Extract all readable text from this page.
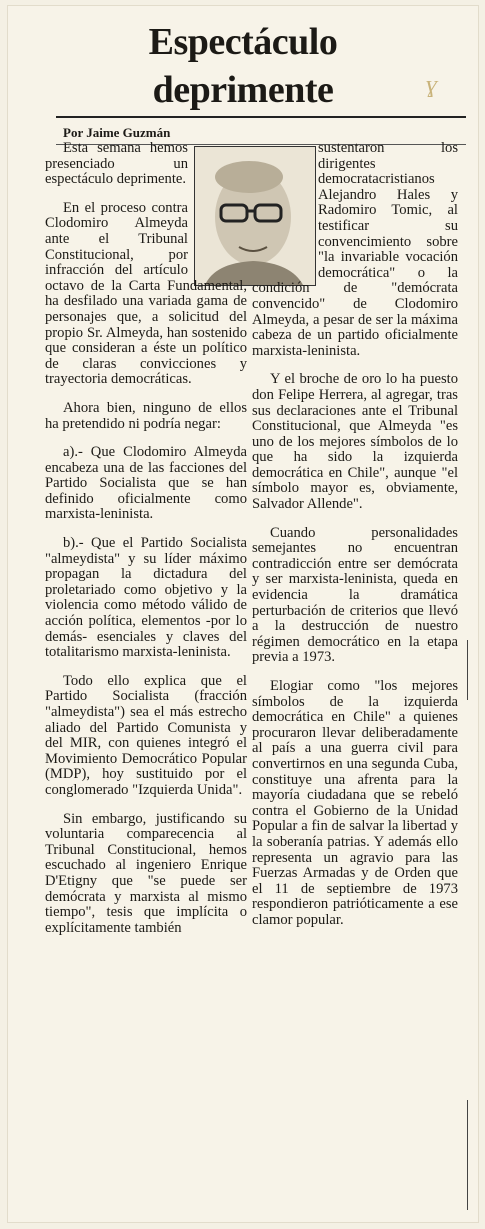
Espectáculo
deprimente	ɣ
Por Jaime Guzmán

Esta semana hemos presenciado un espectáculo deprimente.

En el proceso contra Clodomiro Almeyda ante el Tribunal Constitucional, por infracción del artículo octavo de la Carta Fundamental, ha desfilado una variada gama de personajes que, a solicitud del propio Sr. Almeyda, han sostenido que consideran a éste un político de claras convicciones y trayectoria democráticas.

Ahora bien, ninguno de ellos ha pretendido ni podría negar:

a).- Que Clodomiro Almeyda encabeza una de las facciones del Partido Socialista que se han definido oficialmente como marxista-leninista.

b).- Que el Partido Socialista "almeydista" y su líder máximo propagan la dictadura del proletariado como objetivo y la violencia como método válido de acción política, elementos -por lo demás- esenciales y claves del totalitarismo marxista-leninista.

Todo ello explica que el Partido Socialista (fracción "almeydista") sea el más estrecho aliado del Partido Comunista y del MIR, con quienes integró el Movimiento Democrático Popular (MDP), hoy sustituido por el conglomerado "Izquierda Unida".

Sin embargo, justificando su voluntaria comparecencia al Tribunal Constitucional, hemos escuchado al ingeniero Enrique D'Etigny que "se puede ser demócrata y marxista al mismo tiempo", tesis que implícita o explícitamente también

sustentaron los dirigentes democratacristianos Alejandro Hales y Radomiro Tomic, al testificar su convencimiento sobre "la invariable vocación democrática" o la condición de "demócrata convencido" de Clodomiro Almeyda, a pesar de ser la máxima cabeza de un partido oficialmente marxista-leninista.

Y el broche de oro lo ha puesto don Felipe Herrera, al agregar, tras sus declaraciones ante el Tribunal Constitucional, que Almeyda "es uno de los mejores símbolos de lo que ha sido la izquierda democrática en Chile", aunque "el símbolo mayor es, obviamente, Salvador Allende".

Cuando personalidades semejantes no encuentran contradicción entre ser demócrata y ser marxista-leninista, queda en evidencia la dramática perturbación de criterios que llevó a la destrucción de nuestro régimen democrático en la etapa previa a 1973.

Elogiar como "los mejores símbolos de la izquierda democrática en Chile" a quienes procuraron llevar deliberadamente al país a una guerra civil para convertirnos en una segunda Cuba, constituye una afrenta para la mayoría ciudadana que se rebeló contra el Gobierno de la Unidad Popular a fin de salvar la libertad y la soberanía patrias. Y además ello representa un agravio para las Fuerzas Armadas y de Orden que el 11 de septiembre de 1973 respondieron patrióticamente a ese clamor popular.
